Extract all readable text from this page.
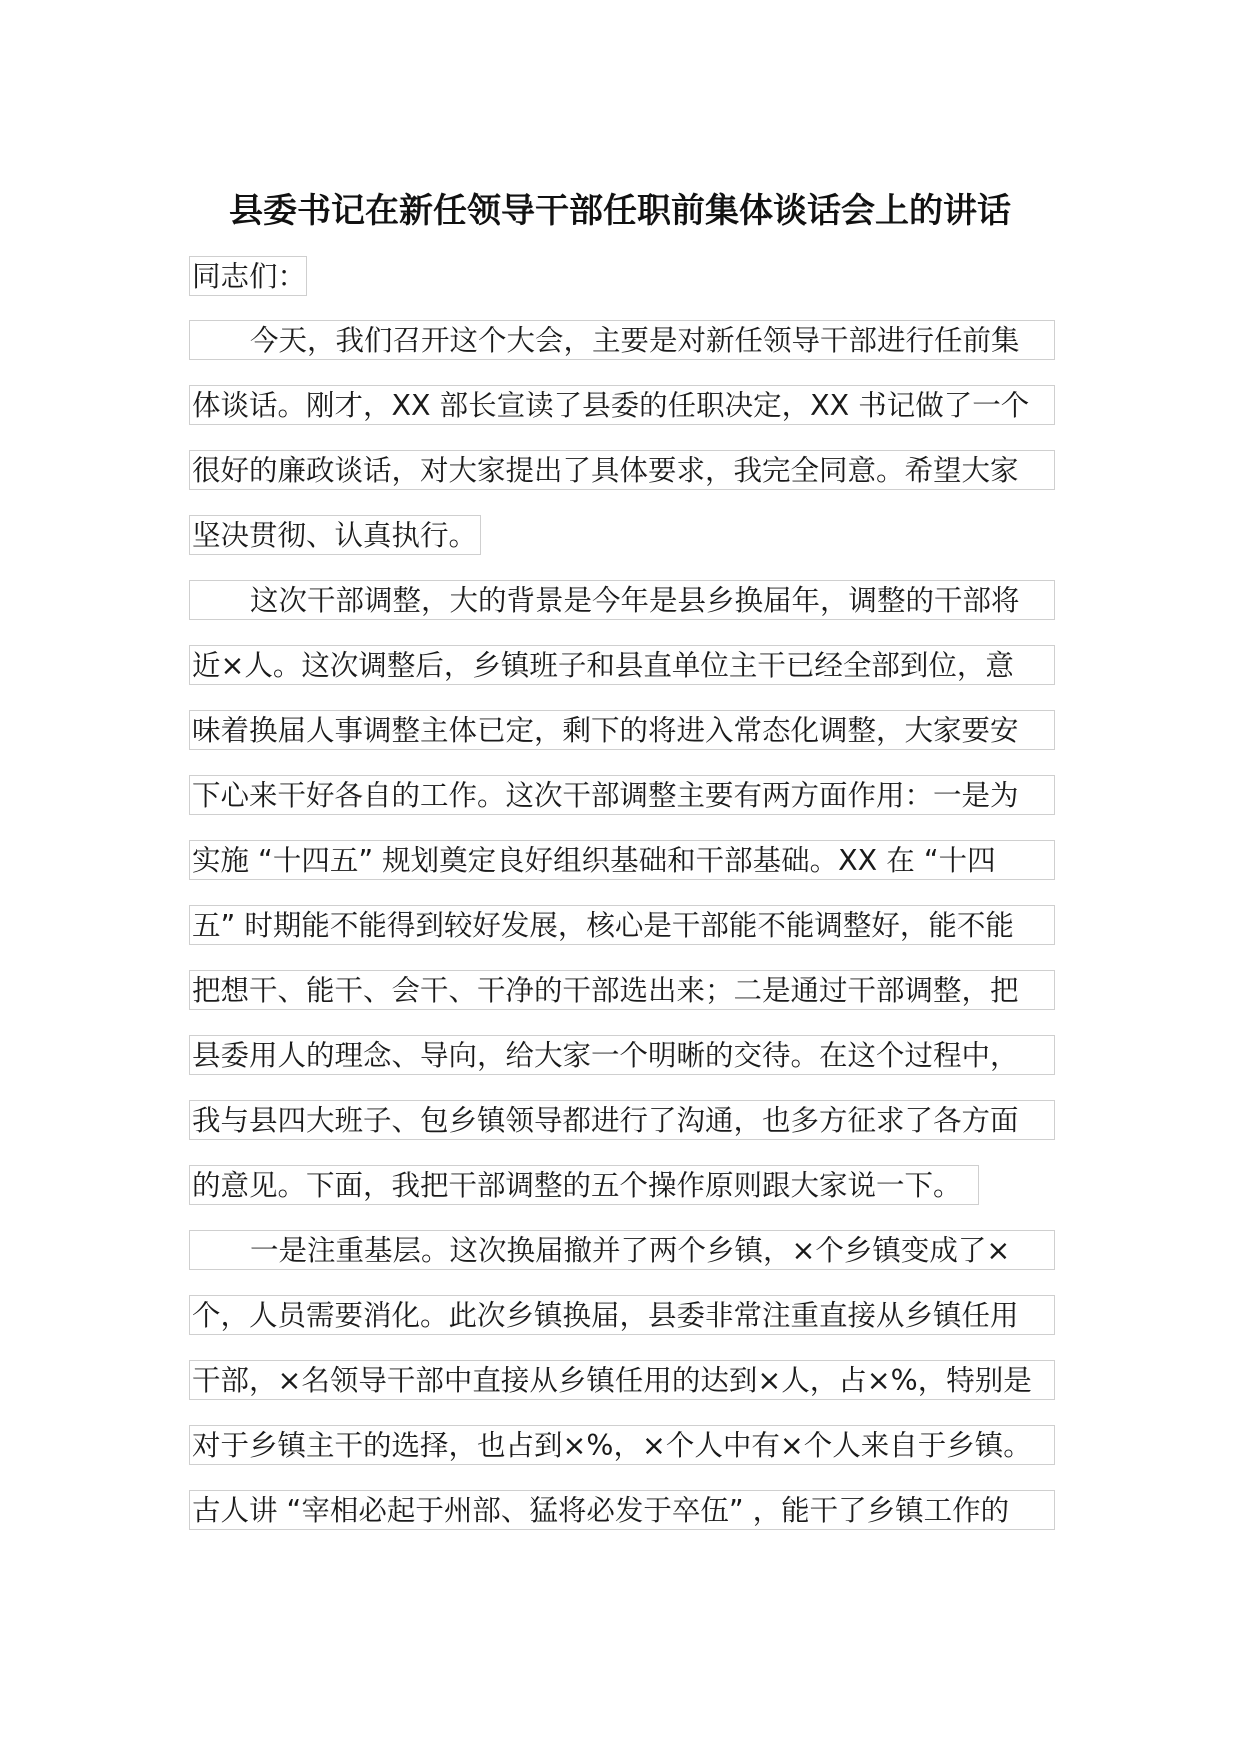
县委书记在新任领导干部任职前集体谈话会上的讲话
同志们：
今天，我们召开这个大会，主要是对新任领导干部进行任前集
体谈话。刚才，XX 部长宣读了县委的任职决定，XX 书记做了一个
很好的廉政谈话，对大家提出了具体要求，我完全同意。希望大家
坚决贯彻、认真执行。
这次干部调整，大的背景是今年是县乡换届年，调整的干部将
近×人。这次调整后，乡镇班子和县直单位主干已经全部到位，意
味着换届人事调整主体已定，剩下的将进入常态化调整，大家要安
下心来干好各自的工作。这次干部调整主要有两方面作用：一是为
实施 “十四五” 规划奠定良好组织基础和干部基础。XX 在 “十四
五” 时期能不能得到较好发展，核心是干部能不能调整好，能不能
把想干、能干、会干、干净的干部选出来；二是通过干部调整，把
县委用人的理念、导向，给大家一个明晰的交待。在这个过程中，
我与县四大班子、包乡镇领导都进行了沟通，也多方征求了各方面
的意见。下面，我把干部调整的五个操作原则跟大家说一下。
一是注重基层。这次换届撤并了两个乡镇，×个乡镇变成了×
个，人员需要消化。此次乡镇换届，县委非常注重直接从乡镇任用
干部，×名领导干部中直接从乡镇任用的达到×人，占×%，特别是
对于乡镇主干的选择，也占到×%，×个人中有×个人来自于乡镇。
古人讲 “宰相必起于州部、猛将必发于卒伍” ，能干了乡镇工作的
